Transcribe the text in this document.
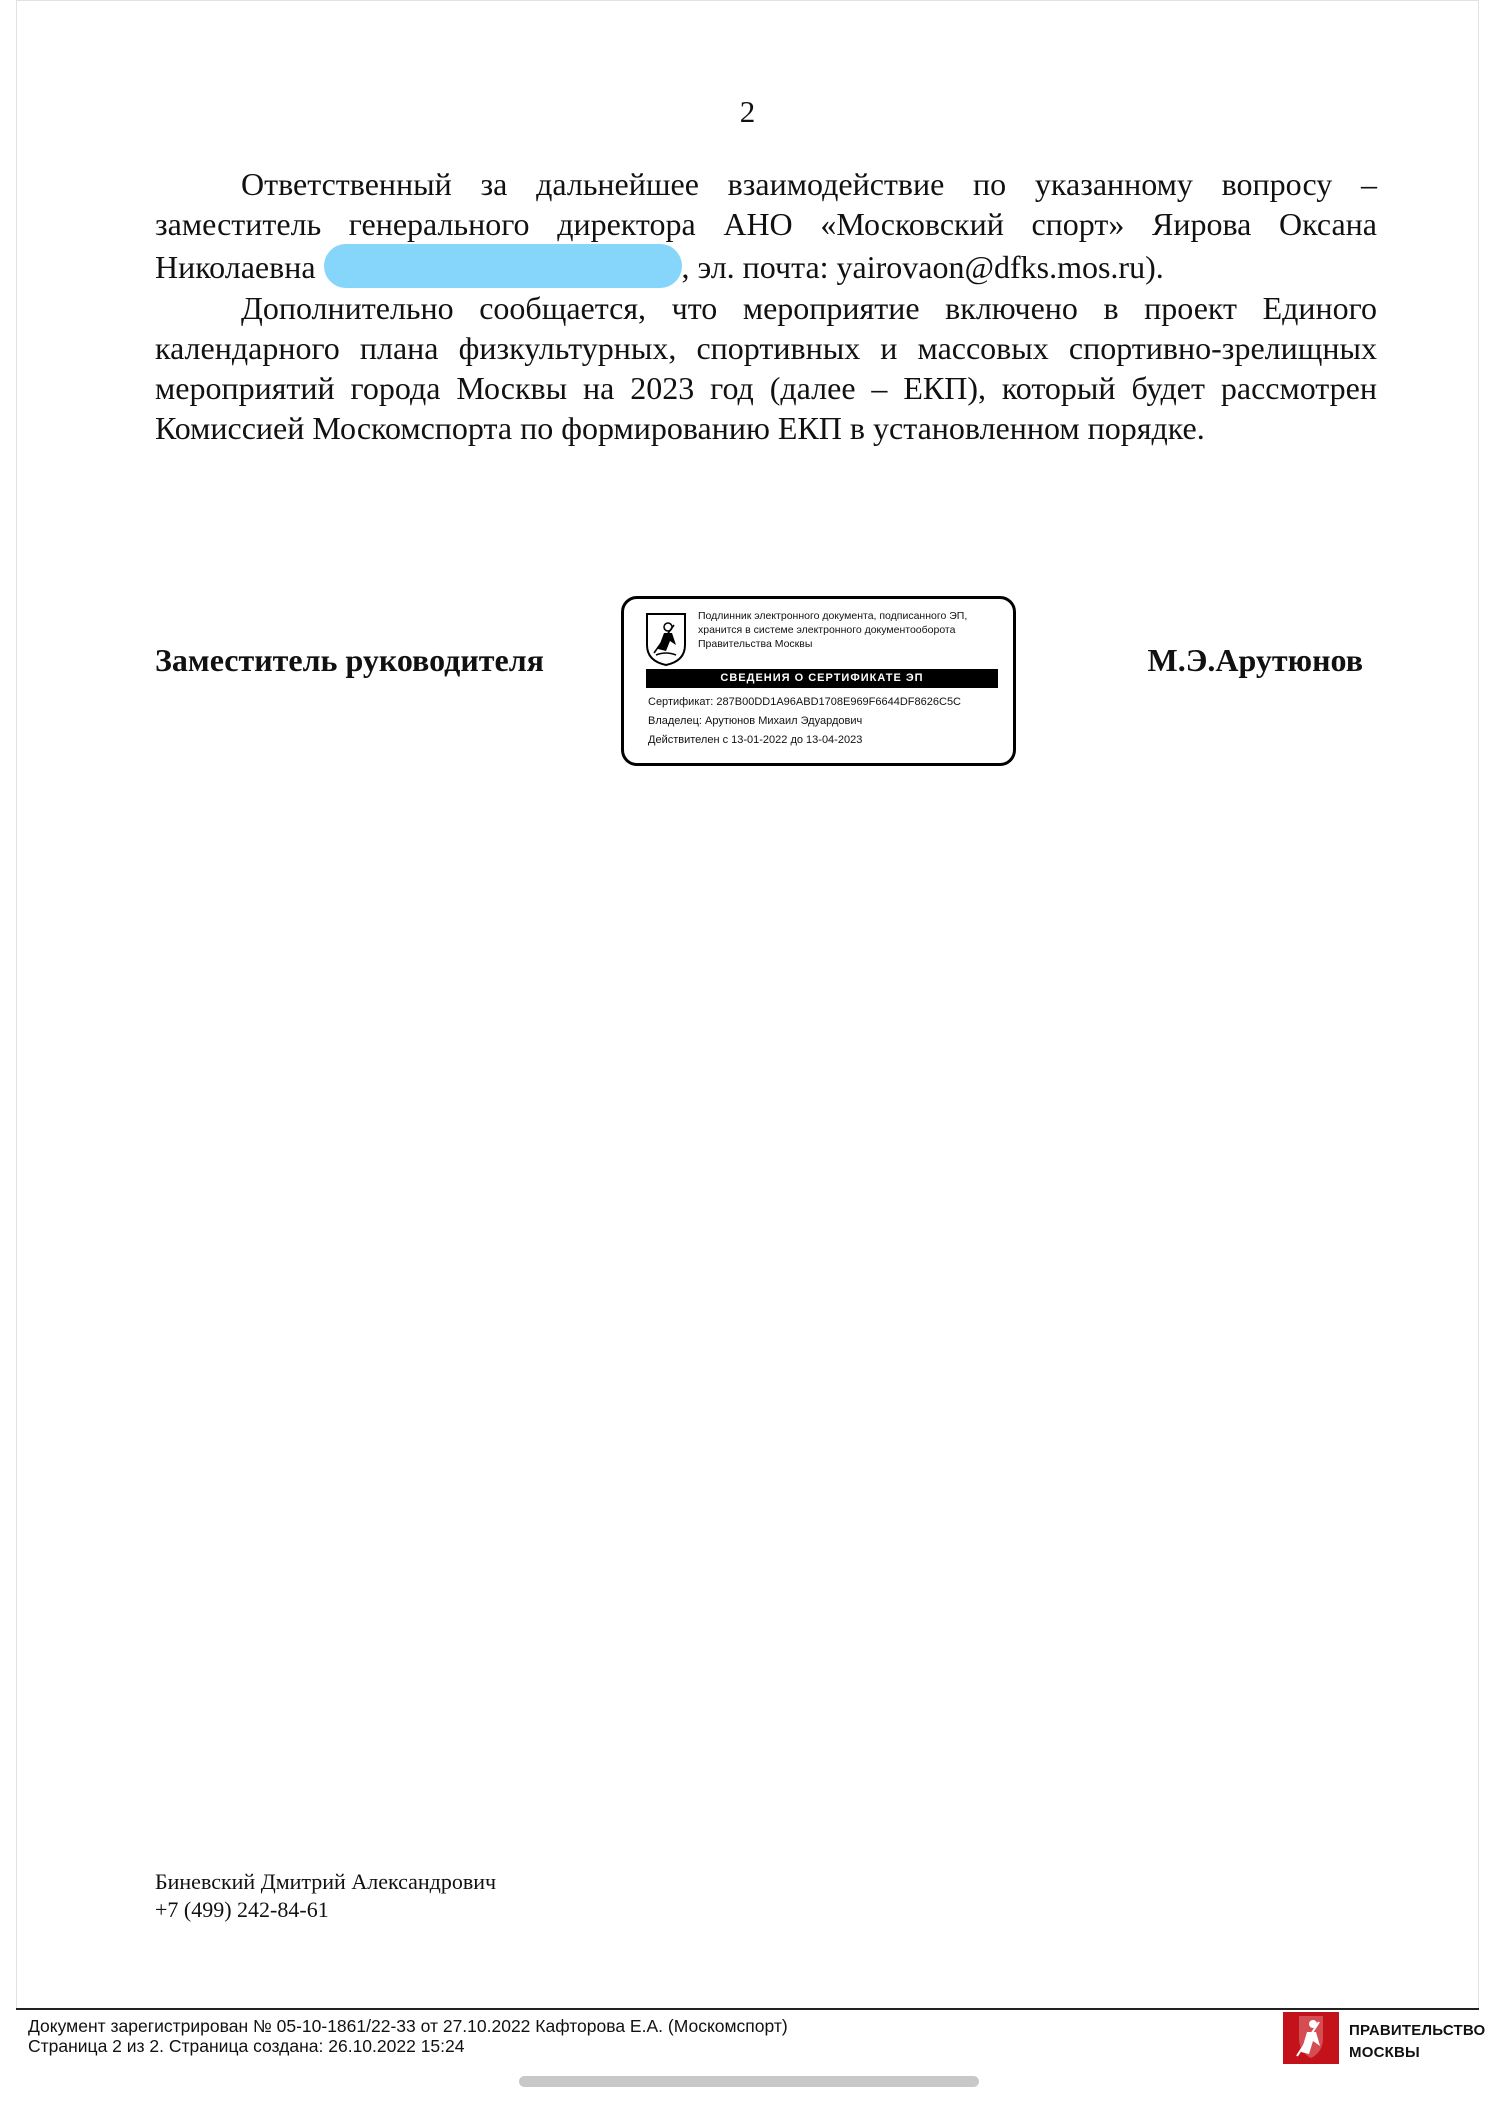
2

Ответственный за дальнейшее взаимодействие по указанному вопросу – заместитель генерального директора АНО «Московский спорт» Яирова Оксана Николаевна	, эл. почта: yairovaon@dfks.mos.ru).

Дополнительно сообщается, что мероприятие включено в проект Единого календарного плана физкультурных, спортивных и массовых спортивно-зрелищных мероприятий города Москвы на 2023 год (далее – ЕКП), который будет рассмотрен Комиссией Москомспорта по формированию ЕКП в установленном порядке.

Заместитель руководителя
Подлинник электронного документа, подписанного ЭП,
хранится в системе электронного документооборота
Правительства Москвы
СВЕДЕНИЯ О СЕРТИФИКАТЕ ЭП
Сертификат: 287B00DD1A96ABD1708E969F6644DF8626C5C
Владелец: Арутюнов Михаил Эдуардович
Действителен с 13-01-2022 до 13-04-2023
М.Э.Арутюнов
Биневский Дмитрий Александрович
+7 (499) 242-84-61
Документ зарегистрирован № 05-10-1861/22-33 от 27.10.2022 Кафторова Е.А. (Москомспорт)
Страница 2 из 2. Страница создана: 26.10.2022 15:24
ПРАВИТЕЛЬСТВО
МОСКВЫ
